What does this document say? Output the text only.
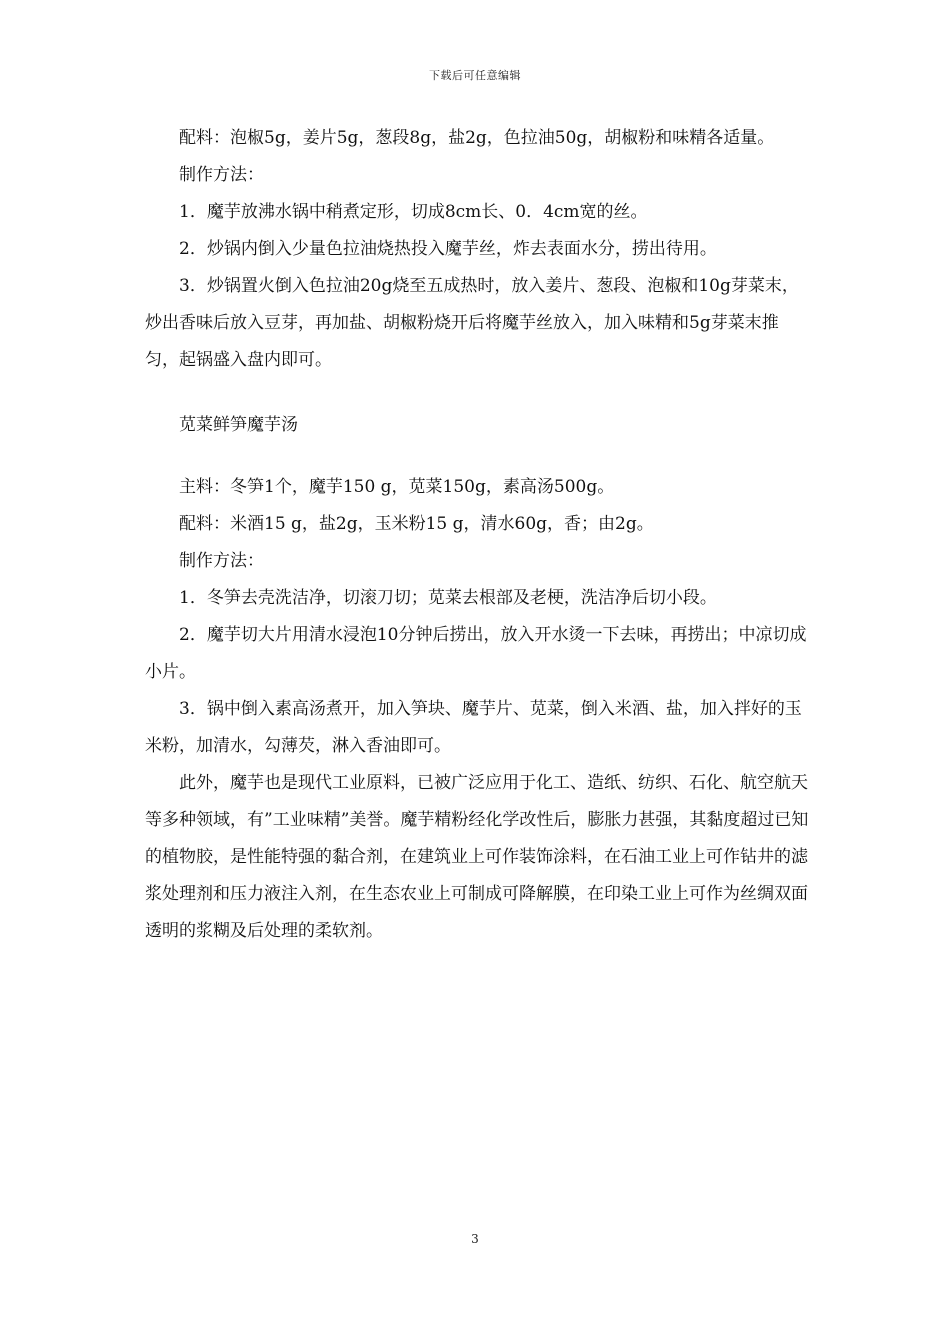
下载后可任意编辑

配料：泡椒5g，姜片5g，葱段8g，盐2g，色拉油50g，胡椒粉和味精各适量。

制作方法：

1．魔芋放沸水锅中稍煮定形，切成8cm长、0．4cm宽的丝。

2．炒锅内倒入少量色拉油烧热投入魔芋丝，炸去表面水分，捞出待用。

3．炒锅置火倒入色拉油20g烧至五成热时，放入姜片、葱段、泡椒和10g芽菜末，炒出香味后放入豆芽，再加盐、胡椒粉烧开后将魔芋丝放入，加入味精和5g芽菜末推匀，起锅盛入盘内即可。

苋菜鲜笋魔芋汤

主料：冬笋1个，魔芋150 g，苋菜150g，素高汤500g。

配料：米酒15 g，盐2g，玉米粉15 g，清水60g，香；由2g。

制作方法：

1．冬笋去壳洗洁净，切滚刀切；苋菜去根部及老梗，洗洁净后切小段。

2．魔芋切大片用清水浸泡10分钟后捞出，放入开水烫一下去味，再捞出；中凉切成小片。

3．锅中倒入素高汤煮开，加入笋块、魔芋片、苋菜，倒入米酒、盐，加入拌好的玉米粉，加清水，勾薄芡，淋入香油即可。

此外，魔芋也是现代工业原料，已被广泛应用于化工、造纸、纺织、石化、航空航天等多种领域，有”工业味精”美誉。魔芋精粉经化学改性后，膨胀力甚强，其黏度超过已知的植物胶，是性能特强的黏合剂，在建筑业上可作装饰涂料，在石油工业上可作钻井的滤浆处理剂和压力液注入剂，在生态农业上可制成可降解膜，在印染工业上可作为丝绸双面透明的浆糊及后处理的柔软剂。

3
